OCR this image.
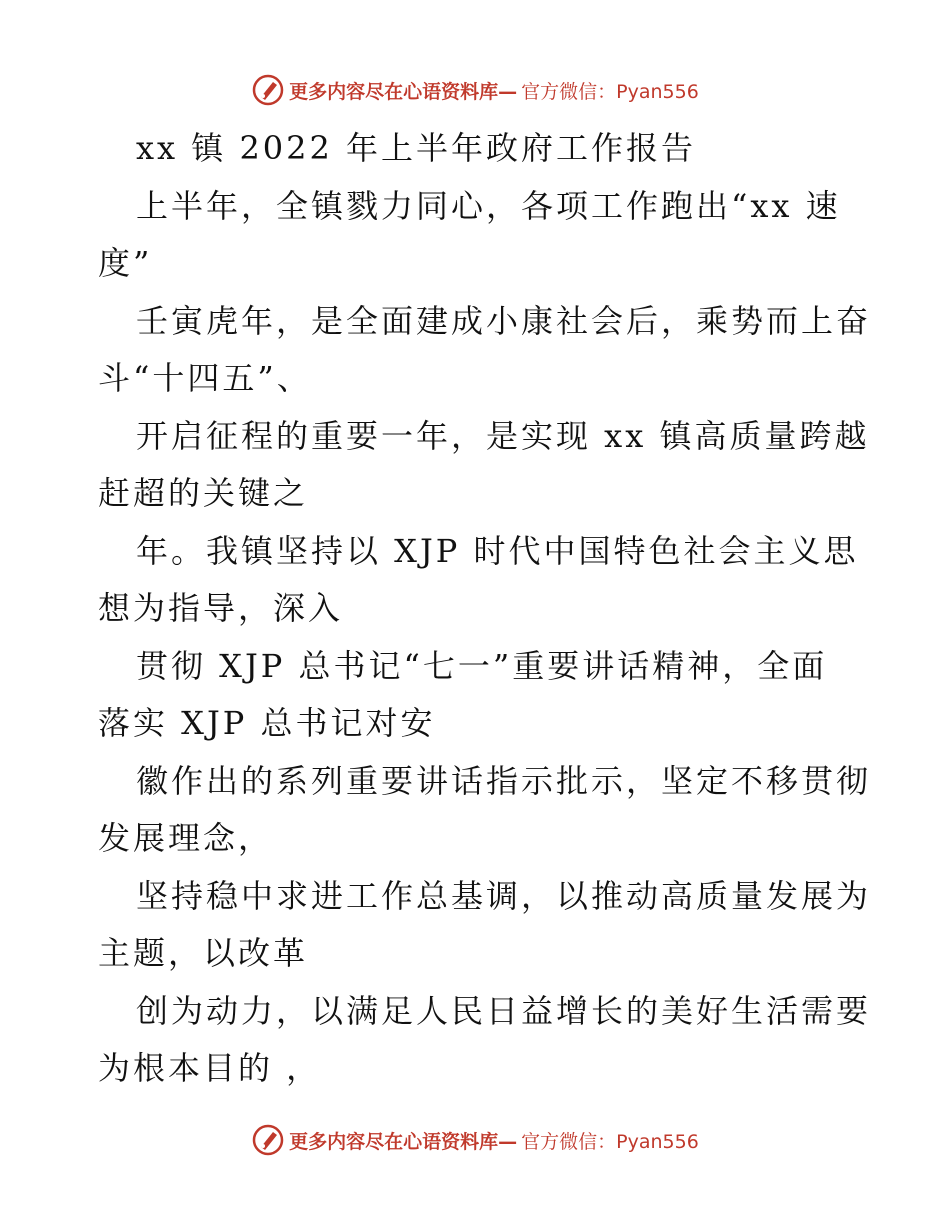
更多内容尽在心语资料库— 官方微信：Pyan556
xx 镇 2022 年上半年政府工作报告
上半年，全镇戮力同心，各项工作跑出“xx 速
度”
壬寅虎年，是全面建成小康社会后，乘势而上奋
斗“十四五”、
开启征程的重要一年，是实现 xx 镇高质量跨越
赶超的关键之
年。我镇坚持以 XJP 时代中国特色社会主义思
想为指导，深入
贯彻 XJP 总书记“七一”重要讲话精神，全面
落实 XJP 总书记对安
徽作出的系列重要讲话指示批示，坚定不移贯彻
发展理念，
坚持稳中求进工作总基调，以推动高质量发展为
主题，以改革
创为动力，以满足人民日益增长的美好生活需要
为根本目的 ，
更多内容尽在心语资料库— 官方微信：Pyan556
